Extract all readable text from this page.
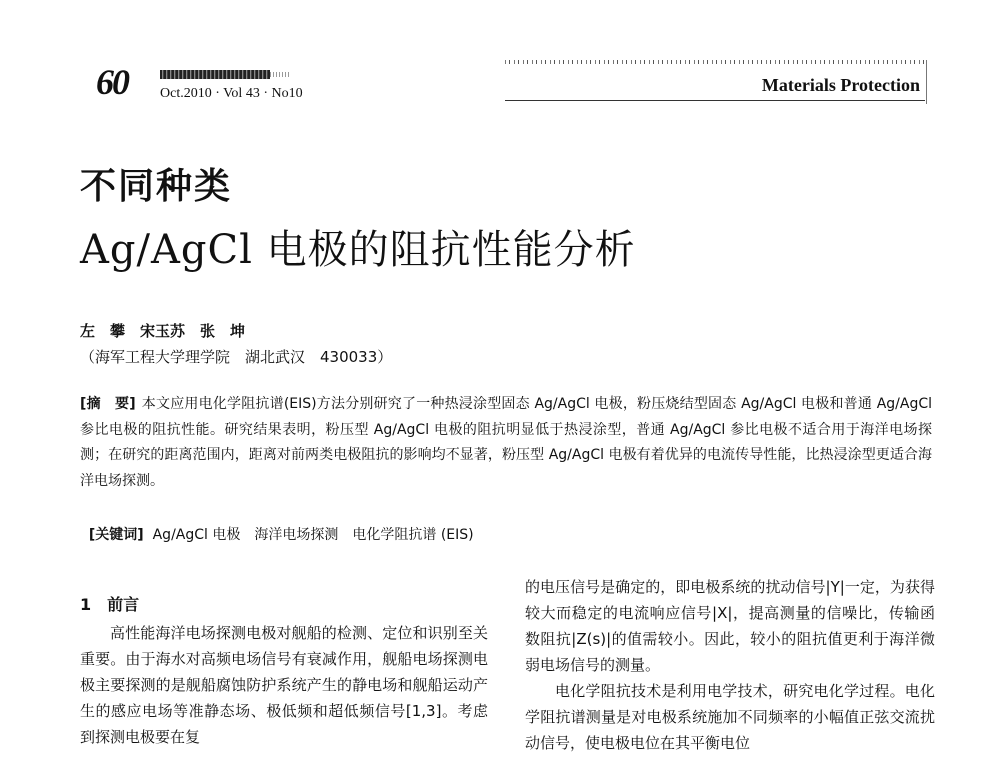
60 Oct.2010 · Vol 43 · No10	Materials Protection
不同种类
Ag/AgCl 电极的阻抗性能分析
左　攀　宋玉苏　张　坤
（海军工程大学理学院　湖北武汉　430033）
[摘　要] 本文应用电化学阻抗谱(EIS)方法分别研究了一种热浸涂型固态 Ag/AgCl 电极，粉压烧结型固态 Ag/AgCl 电极和普通 Ag/AgCl 参比电极的阻抗性能。研究结果表明，粉压型 Ag/AgCl 电极的阻抗明显低于热浸涂型，普通 Ag/AgCl 参比电极不适合用于海洋电场探测；在研究的距离范围内，距离对前两类电极阻抗的影响均不显著，粉压型 Ag/AgCl 电极有着优异的电流传导性能，比热浸涂型更适合海洋电场探测。

[关键词] Ag/AgCl 电极　海洋电场探测　电化学阻抗谱 (EIS)

1　前言

高性能海洋电场探测电极对舰船的检测、定位和识别至关重要。由于海水对高频电场信号有衰减作用，舰船电场探测电极主要探测的是舰船腐蚀防护系统产生的静电场和舰船运动产生的感应电场等准静态场、极低频和超低频信号[1,3]。考虑到探测电极要在复

的电压信号是确定的，即电极系统的扰动信号|Y|一定，为获得较大而稳定的电流响应信号|X|，提高测量的信噪比，传输函数阻抗|Z(s)|的值需较小。因此，较小的阻抗值更利于海洋微弱电场信号的测量。

电化学阻抗技术是利用电学技术，研究电化学过程。电化学阻抗谱测量是对电极系统施加不同频率的小幅值正弦交流扰动信号，使电极电位在其平衡电位
